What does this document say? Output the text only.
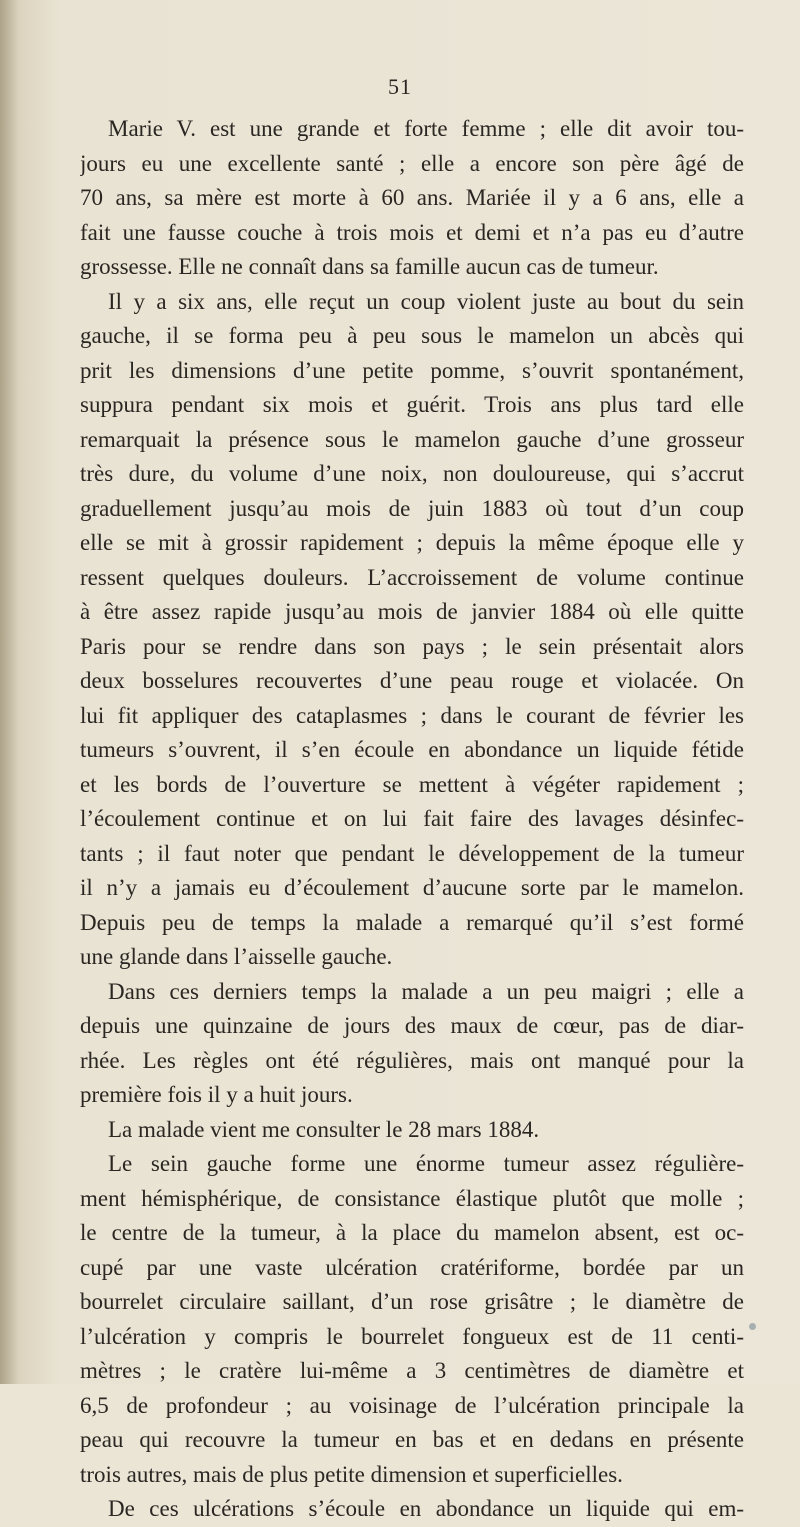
51
Marie V. est une grande et forte femme ; elle dit avoir tou-
jours eu une excellente santé ; elle a encore son père âgé de
70 ans, sa mère est morte à 60 ans. Mariée il y a 6 ans, elle a
fait une fausse couche à trois mois et demi et n’a pas eu d’autre
grossesse. Elle ne connaît dans sa famille aucun cas de tumeur.
Il y a six ans, elle reçut un coup violent juste au bout du sein
gauche, il se forma peu à peu sous le mamelon un abcès qui
prit les dimensions d’une petite pomme, s’ouvrit spontanément,
suppura pendant six mois et guérit. Trois ans plus tard elle
remarquait la présence sous le mamelon gauche d’une grosseur
très dure, du volume d’une noix, non douloureuse, qui s’accrut
graduellement jusqu’au mois de juin 1883 où tout d’un coup
elle se mit à grossir rapidement ; depuis la même époque elle y
ressent quelques douleurs. L’accroissement de volume continue
à être assez rapide jusqu’au mois de janvier 1884 où elle quitte
Paris pour se rendre dans son pays ; le sein présentait alors
deux bosselures recouvertes d’une peau rouge et violacée. On
lui fit appliquer des cataplasmes ; dans le courant de février les
tumeurs s’ouvrent, il s’en écoule en abondance un liquide fétide
et les bords de l’ouverture se mettent à végéter rapidement ;
l’écoulement continue et on lui fait faire des lavages désinfec-
tants ; il faut noter que pendant le développement de la tumeur
il n’y a jamais eu d’écoulement d’aucune sorte par le mamelon.
Depuis peu de temps la malade a remarqué qu’il s’est formé
une glande dans l’aisselle gauche.
Dans ces derniers temps la malade a un peu maigri ; elle a
depuis une quinzaine de jours des maux de cœur, pas de diar-
rhée. Les règles ont été régulières, mais ont manqué pour la
première fois il y a huit jours.
La malade vient me consulter le 28 mars 1884.
Le sein gauche forme une énorme tumeur assez régulière-
ment hémisphérique, de consistance élastique plutôt que molle ;
le centre de la tumeur, à la place du mamelon absent, est oc-
cupé par une vaste ulcération cratériforme, bordée par un
bourrelet circulaire saillant, d’un rose grisâtre ; le diamètre de
l’ulcération y compris le bourrelet fongueux est de 11 centi-
mètres ; le cratère lui-même a 3 centimètres de diamètre et
6,5 de profondeur ; au voisinage de l’ulcération principale la
peau qui recouvre la tumeur en bas et en dedans en présente
trois autres, mais de plus petite dimension et superficielles.
De ces ulcérations s’écoule en abondance un liquide qui em-
